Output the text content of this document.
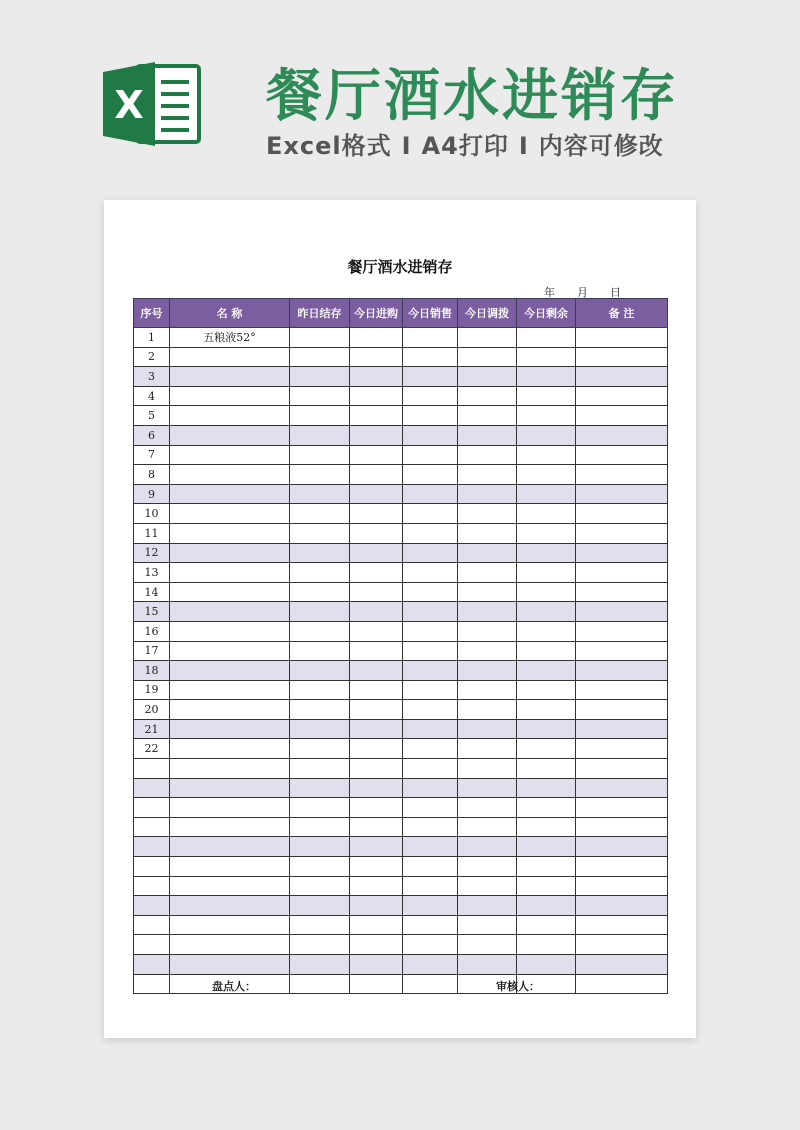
X 餐厅酒水进销存
Excel格式 I A4打印 I 内容可修改
餐厅酒水进销存
年 月 日
序号	名 称	昨日结存	今日进购	今日销售	今日调拨	今日剩余	备 注
1	五粮液52°						
2							
3							
4							
5							
6							
7							
8							
9							
10							
11							
12							
13							
14							
15							
16							
17							
18							
19							
20							
21							
22							

盘点人：	审核人：
